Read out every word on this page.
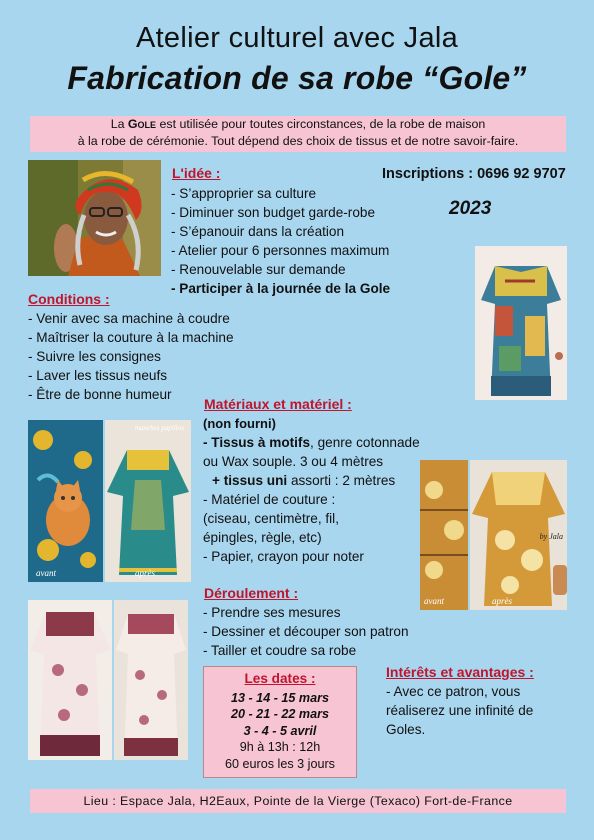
Atelier culturel avec Jala
Fabrication de sa robe “Gole”
La Gole est utilisée pour toutes circonstances, de la robe de maison
à la robe de cérémonie. Tout dépend des choix de tissus et de notre savoir-faire.
L'idée :
- S’approprier sa culture
- Diminuer son budget garde-robe
- S’épanouir dans la création
- Atelier pour 6 personnes maximum
- Renouvelable sur demande
- Participer à la journée de la Gole
Inscriptions : 0696 92 9707
2023
Conditions :
- Venir avec sa machine à coudre
- Maîtriser la couture à la machine
- Suivre les consignes
- Laver les tissus neufs
- Être de bonne humeur
Matériaux et matériel :
(non fourni)
- Tissus à motifs, genre cotonnade
ou Wax souple. 3 ou 4 mètres
+ tissus uni assorti : 2 mètres
- Matériel de couture :
(ciseau, centimètre, fil,
épingles, règle, etc)
- Papier, crayon pour noter
avant
manches papillon
après
avant
by Jala
après
Déroulement :
- Prendre ses mesures
- Dessiner et découper son patron
- Tailler et coudre sa robe
Les dates :
13 - 14 - 15 mars
20 - 21 - 22 mars
3 - 4 - 5 avril
9h à 13h : 12h
60 euros les 3 jours
Intérêts et avantages :
- Avec ce patron, vous
réaliserez une infinité de
Goles.
Lieu : Espace Jala, H2Eaux, Pointe de la Vierge (Texaco) Fort-de-France
